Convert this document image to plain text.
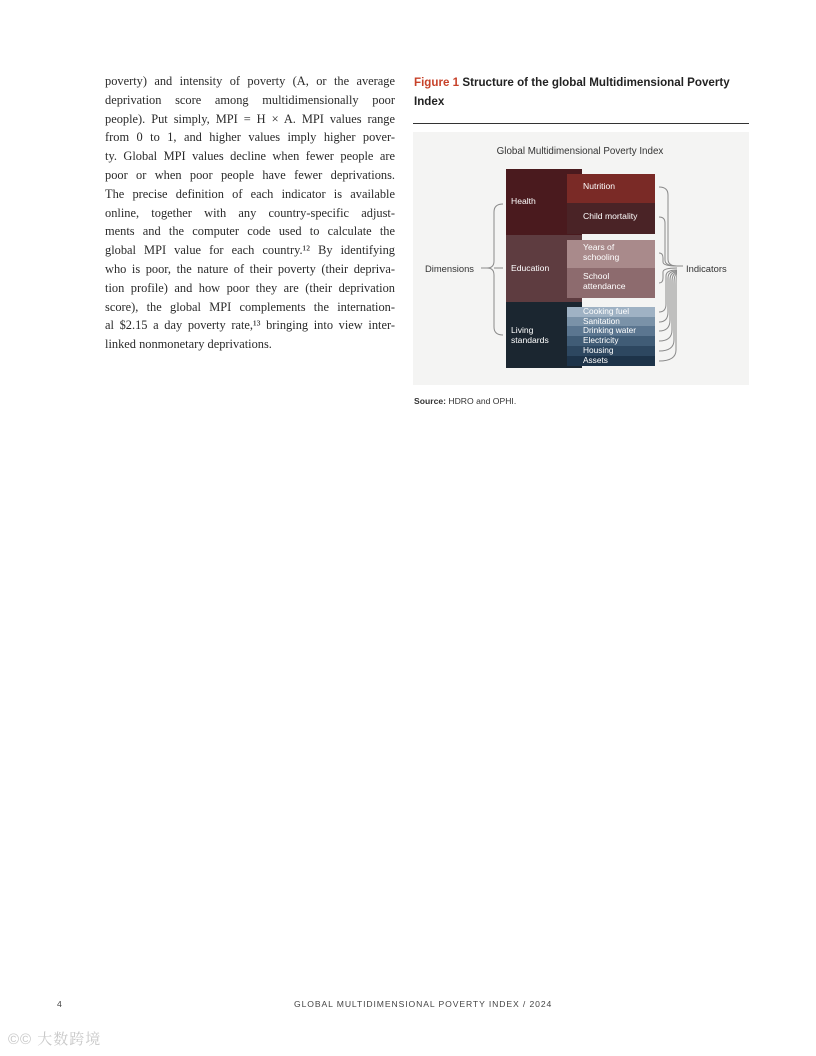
poverty) and intensity of poverty (A, or the average
deprivation score among multidimensionally poor
people). Put simply, MPI = H × A. MPI values range
from 0 to 1, and higher values imply higher pover-
ty. Global MPI values decline when fewer people are
poor or when poor people have fewer deprivations.
The precise definition of each indicator is available
online, together with any country-specific adjust-
ments and the computer code used to calculate the
global MPI value for each country.¹² By identifying
who is poor, the nature of their poverty (their depriva-
tion profile) and how poor they are (their deprivation
score), the global MPI complements the internation-
al $2.15 a day poverty rate,¹³ bringing into view inter-
linked nonmonetary deprivations.
Figure 1 Structure of the global Multidimensional Poverty Index
Global Multidimensional Poverty Index
Dimensions	Indicators
Health
Education
Living
standards
Nutrition
Child mortality
Years of
schooling
School
attendance
Cooking fuel
Sanitation
Drinking water
Electricity
Housing
Assets
Source: HDRO and OPHI.
4	GLOBAL MULTIDIMENSIONAL POVERTY INDEX / 2024
©© 大数跨境
